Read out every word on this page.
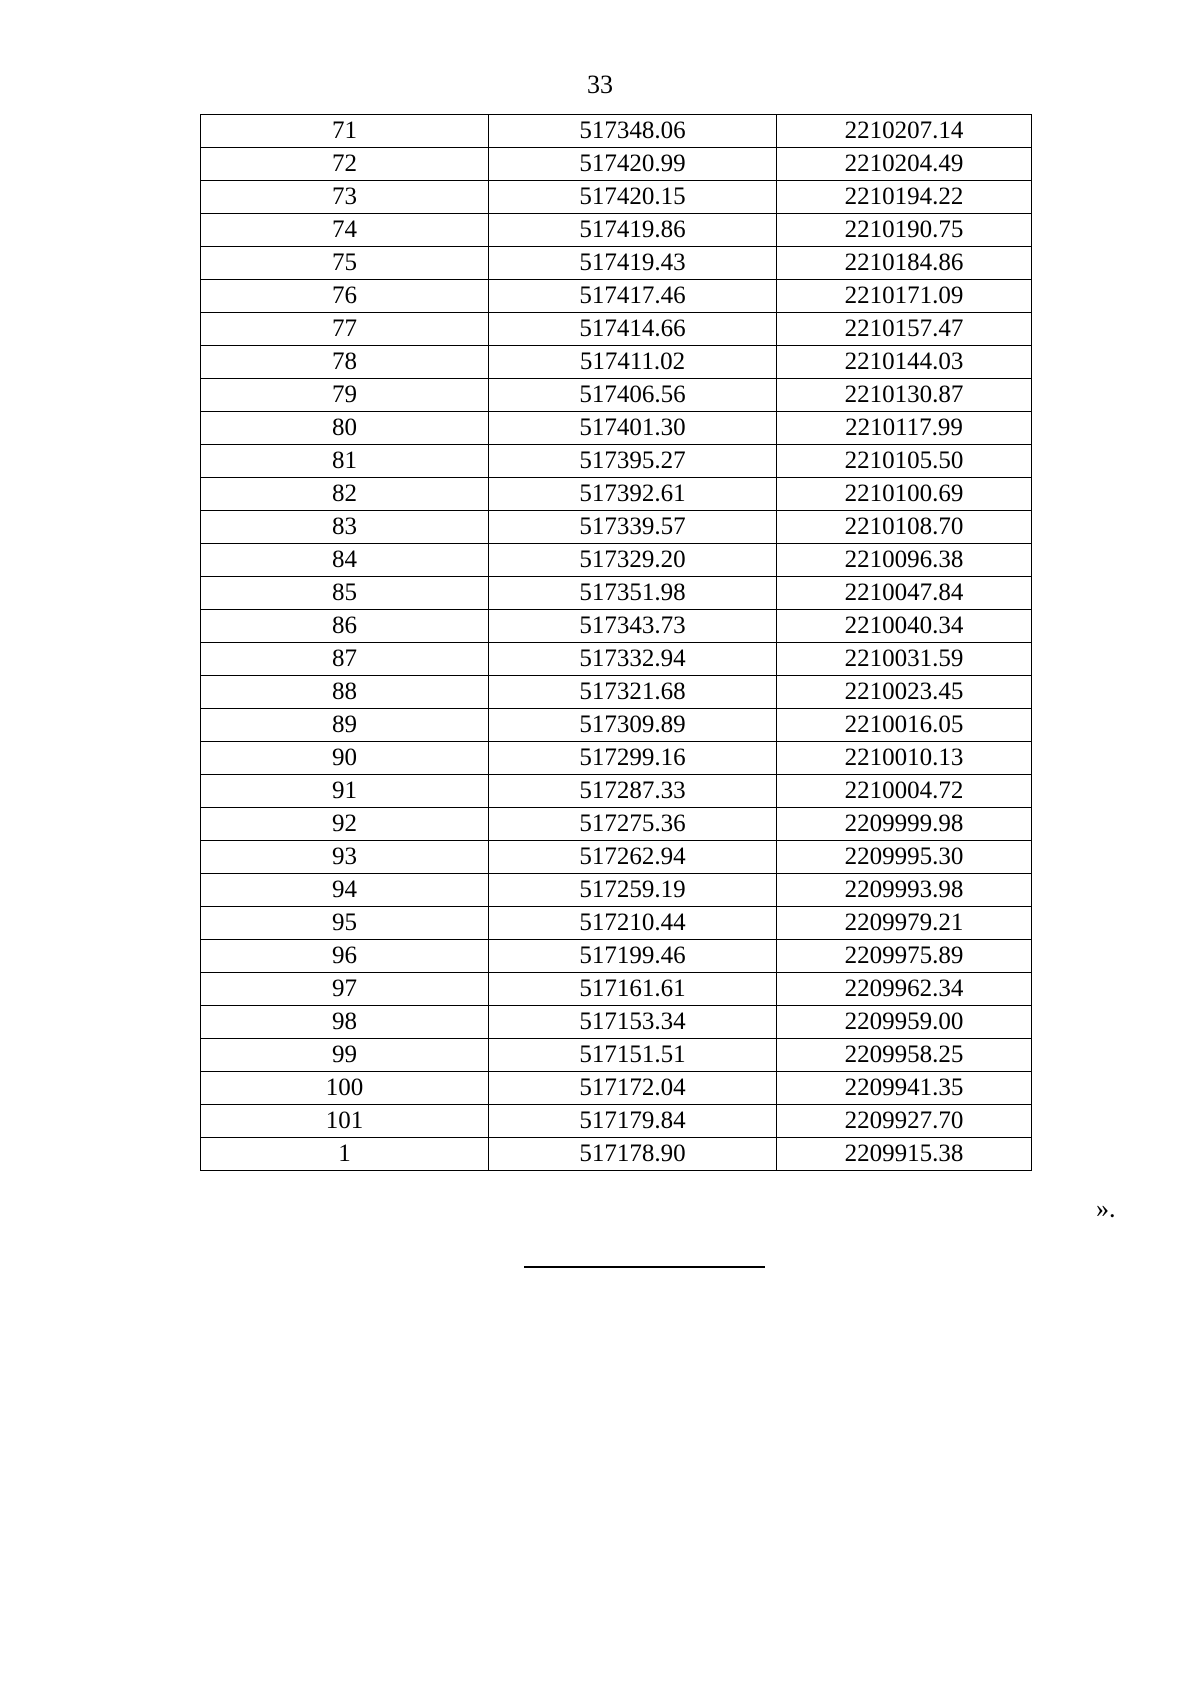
33
71	517348.06	2210207.14
72	517420.99	2210204.49
73	517420.15	2210194.22
74	517419.86	2210190.75
75	517419.43	2210184.86
76	517417.46	2210171.09
77	517414.66	2210157.47
78	517411.02	2210144.03
79	517406.56	2210130.87
80	517401.30	2210117.99
81	517395.27	2210105.50
82	517392.61	2210100.69
83	517339.57	2210108.70
84	517329.20	2210096.38
85	517351.98	2210047.84
86	517343.73	2210040.34
87	517332.94	2210031.59
88	517321.68	2210023.45
89	517309.89	2210016.05
90	517299.16	2210010.13
91	517287.33	2210004.72
92	517275.36	2209999.98
93	517262.94	2209995.30
94	517259.19	2209993.98
95	517210.44	2209979.21
96	517199.46	2209975.89
97	517161.61	2209962.34
98	517153.34	2209959.00
99	517151.51	2209958.25
100	517172.04	2209941.35
101	517179.84	2209927.70
1	517178.90	2209915.38
».
